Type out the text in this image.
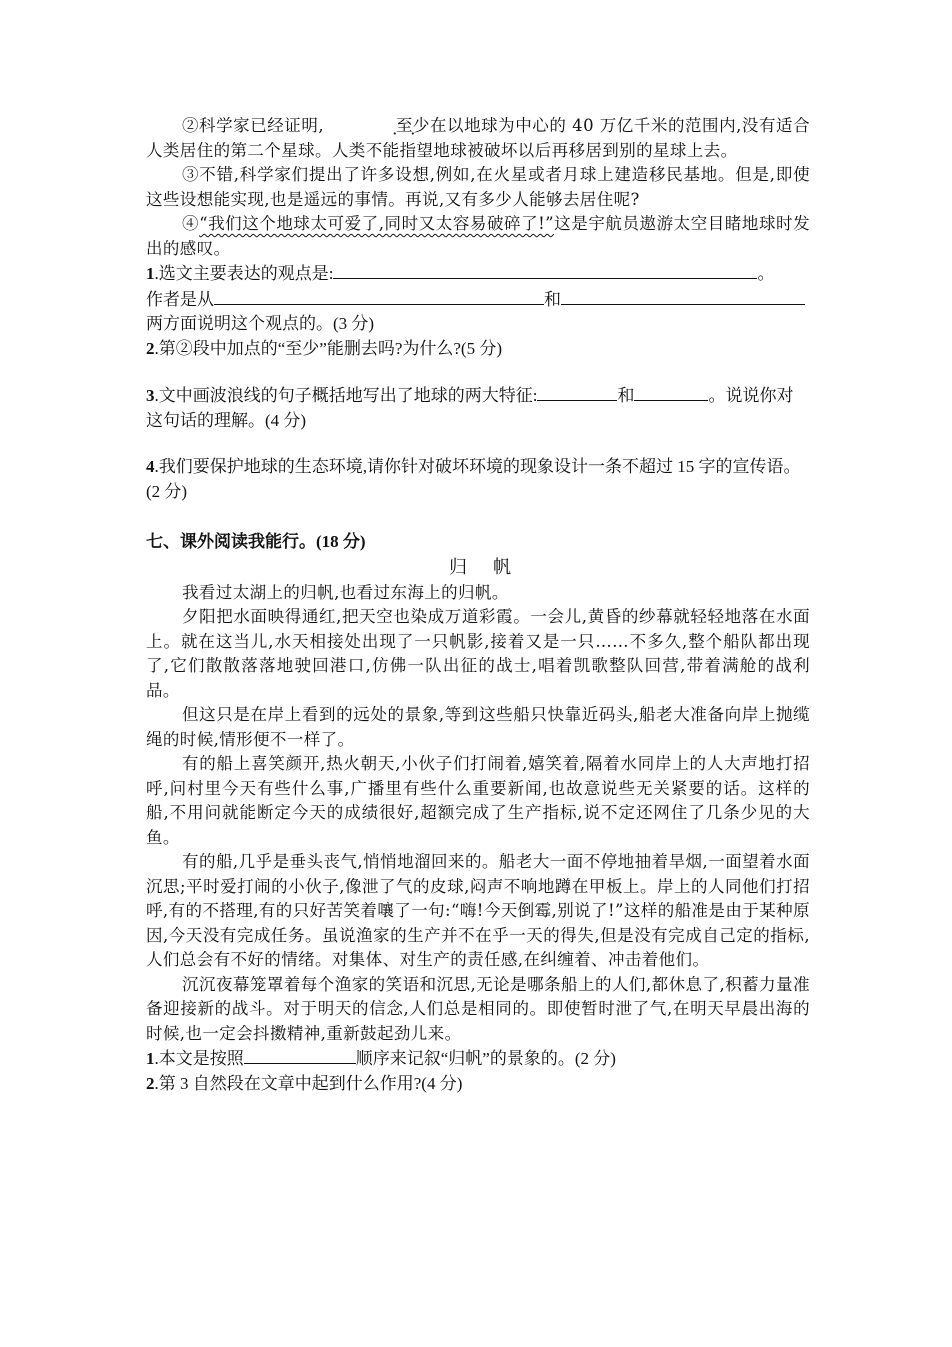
②科学家已经证明,	至少在以地球为中心的 40 万亿千米的范围内,没有适合人类居住的第二个星球。人类不能指望地球被破坏以后再移居到别的星球上去。

③不错,科学家们提出了许多设想,例如,在火星或者月球上建造移民基地。但是,即使这些设想能实现,也是遥远的事情。再说,又有多少人能够去居住呢?

④“我们这个地球太可爱了,同时又太容易破碎了!”这是宇航员遨游太空目睹地球时发出的感叹。

1.选文主要表达的观点是:	。

作者是从	和

两方面说明这个观点的。(3 分)

2.第②段中加点的“至少”能删去吗?为什么?(5 分)

3.文中画波浪线的句子概括地写出了地球的两大特征:	和	。说说你对这句话的理解。(4 分)

4.我们要保护地球的生态环境,请你针对破坏环境的现象设计一条不超过 15 字的宣传语。(2 分)

七、课外阅读我能行。(18 分)

归帆

我看过太湖上的归帆,也看过东海上的归帆。

夕阳把水面映得通红,把天空也染成万道彩霞。一会儿,黄昏的纱幕就轻轻地落在水面上。就在这当儿,水天相接处出现了一只帆影,接着又是一只……不多久,整个船队都出现了,它们散散落落地驶回港口,仿佛一队出征的战士,唱着凯歌整队回营,带着满舱的战利品。

但这只是在岸上看到的远处的景象,等到这些船只快靠近码头,船老大准备向岸上抛缆绳的时候,情形便不一样了。

有的船上喜笑颜开,热火朝天,小伙子们打闹着,嬉笑着,隔着水同岸上的人大声地打招呼,问村里今天有些什么事,广播里有些什么重要新闻,也故意说些无关紧要的话。这样的船,不用问就能断定今天的成绩很好,超额完成了生产指标,说不定还网住了几条少见的大鱼。

有的船,几乎是垂头丧气,悄悄地溜回来的。船老大一面不停地抽着旱烟,一面望着水面沉思;平时爱打闹的小伙子,像泄了气的皮球,闷声不响地蹲在甲板上。岸上的人同他们打招呼,有的不搭理,有的只好苦笑着嚷了一句:“嗨!今天倒霉,别说了!”这样的船准是由于某种原因,今天没有完成任务。虽说渔家的生产并不在乎一天的得失,但是没有完成自己定的指标,人们总会有不好的情绪。对集体、对生产的责任感,在纠缠着、冲击着他们。

沉沉夜幕笼罩着每个渔家的笑语和沉思,无论是哪条船上的人们,都休息了,积蓄力量准备迎接新的战斗。对于明天的信念,人们总是相同的。即使暂时泄了气,在明天早晨出海的时候,也一定会抖擞精神,重新鼓起劲儿来。

1.本文是按照	顺序来记叙“归帆”的景象的。(2 分)

2.第 3 自然段在文章中起到什么作用?(4 分)
